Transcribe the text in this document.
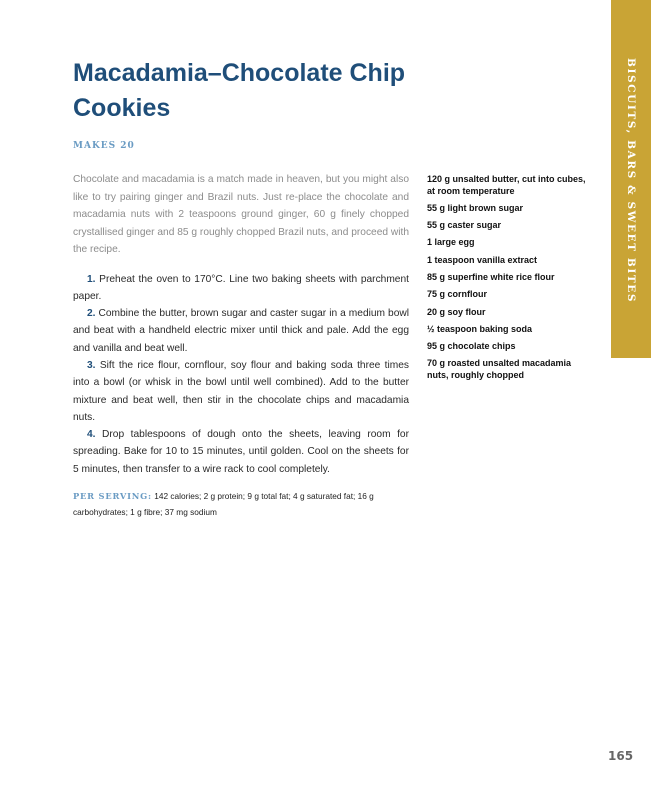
Macadamia–Chocolate Chip Cookies
MAKES 20
Chocolate and macadamia is a match made in heaven, but you might also like to try pairing ginger and Brazil nuts. Just re-place the chocolate and macadamia nuts with 2 teaspoons ground ginger, 60 g finely chopped crystallised ginger and 85 g roughly chopped Brazil nuts, and proceed with the recipe.

1. Preheat the oven to 170°C. Line two baking sheets with parchment paper.

2. Combine the butter, brown sugar and caster sugar in a medium bowl and beat with a handheld electric mixer until thick and pale. Add the egg and vanilla and beat well.

3. Sift the rice flour, cornflour, soy flour and baking soda three times into a bowl (or whisk in the bowl until well combined). Add to the butter mixture and beat well, then stir in the chocolate chips and macadamia nuts.

4. Drop tablespoons of dough onto the sheets, leaving room for spreading. Bake for 10 to 15 minutes, until golden. Cool on the sheets for 5 minutes, then transfer to a wire rack to cool completely.

PER SERVING: 142 calories; 2 g protein; 9 g total fat; 4 g saturated fat; 16 g carbohydrates; 1 g fibre; 37 mg sodium
120 g unsalted butter, cut into cubes, at room temperature
55 g light brown sugar
55 g caster sugar
1 large egg
1 teaspoon vanilla extract
85 g superfine white rice flour
75 g cornflour
20 g soy flour
½ teaspoon baking soda
95 g chocolate chips
70 g roasted unsalted macadamia nuts, roughly chopped
BISCUITS, BARS & SWEET BITES
165
